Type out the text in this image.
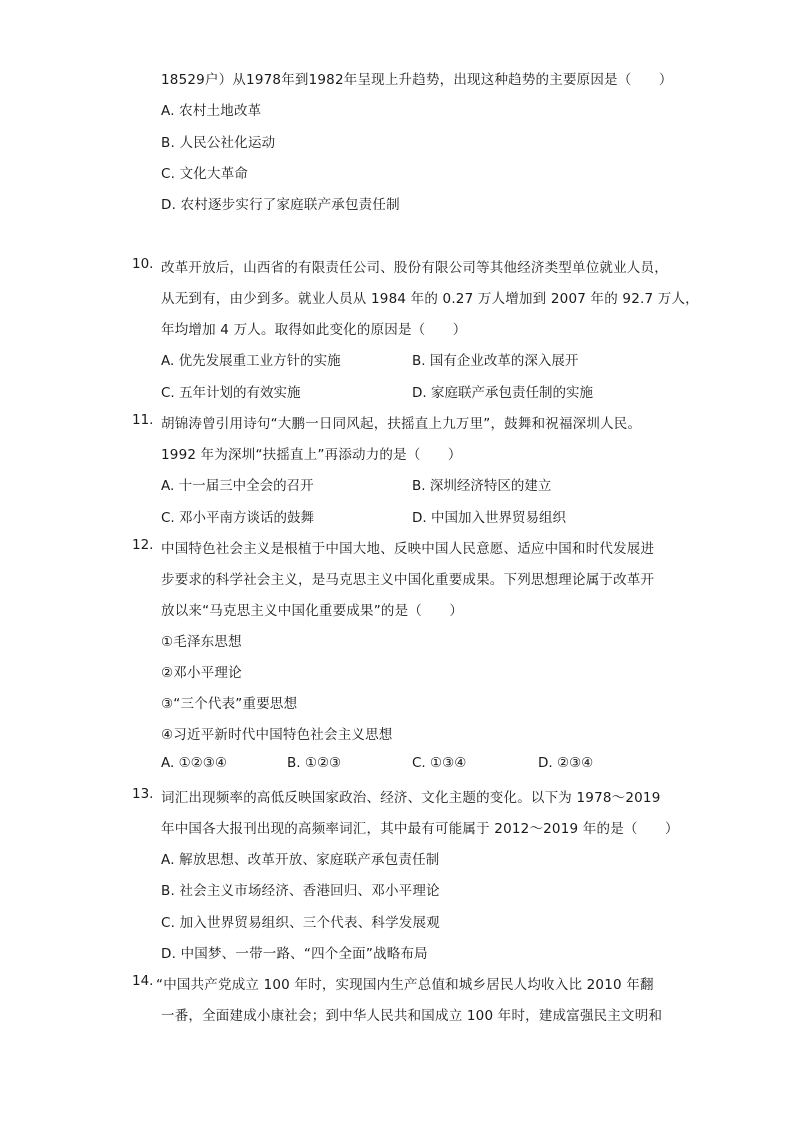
18529户）从1978年到1982年呈现上升趋势，出现这种趋势的主要原因是（　　）
A. 农村土地改革
B. 人民公社化运动
C. 文化大革命
D. 农村逐步实行了家庭联产承包责任制
10. 改革开放后，山西省的有限责任公司、股份有限公司等其他经济类型单位就业人员，
从无到有，由少到多。就业人员从 1984 年的 0.27 万人增加到 2007 年的 92.7 万人，
年均增加 4 万人。取得如此变化的原因是（　　）
A. 优先发展重工业方针的实施	B. 国有企业改革的深入展开
C. 五年计划的有效实施	D. 家庭联产承包责任制的实施
11. 胡锦涛曾引用诗句“大鹏一日同风起，扶摇直上九万里”，鼓舞和祝福深圳人民。
1992 年为深圳“扶摇直上”再添动力的是（　　）
A. 十一届三中全会的召开	B. 深圳经济特区的建立
C. 邓小平南方谈话的鼓舞	D. 中国加入世界贸易组织
12. 中国特色社会主义是根植于中国大地、反映中国人民意愿、适应中国和时代发展进
步要求的科学社会主义，是马克思主义中国化重要成果。下列思想理论属于改革开
放以来“马克思主义中国化重要成果”的是（　　）
①毛泽东思想
②邓小平理论
③“三个代表”重要思想
④习近平新时代中国特色社会主义思想
A. ①②③④	B. ①②③	C. ①③④	D. ②③④
13. 词汇出现频率的高低反映国家政治、经济、文化主题的变化。以下为 1978～2019
年中国各大报刊出现的高频率词汇，其中最有可能属于 2012～2019 年的是（　　）
A. 解放思想、改革开放、家庭联产承包责任制
B. 社会主义市场经济、香港回归、邓小平理论
C. 加入世界贸易组织、三个代表、科学发展观
D. 中国梦、一带一路、“四个全面”战略布局
14. “中国共产党成立 100 年时，实现国内生产总值和城乡居民人均收入比 2010 年翻
一番，全面建成小康社会；到中华人民共和国成立 100 年时，建成富强民主文明和
